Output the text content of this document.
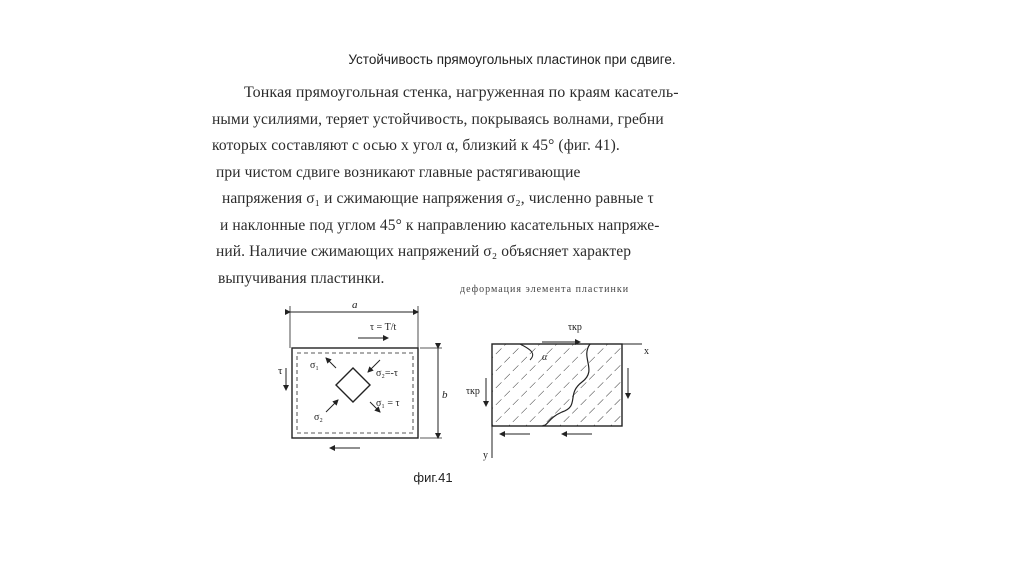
Устойчивость прямоугольных пластинок при сдвиге.

Тонкая прямоугольная стенка, нагруженная по краям касатель-

ными усилиями, теряет устойчивость, покрываясь волнами, гребни

которых составляют с осью x угол α, близкий к 45° (фиг. 41).

при чистом сдвиге возникают главные растягивающие

напряжения σ₁ и сжимающие напряжения σ₂, численно равные τ

и наклонные под углом 45° к направлению касательных напряже-

ний. Наличие сжимающих напряжений σ₂ объясняет характер

выпучивания пластинки.

деформация элемента пластинки
a
τ = T/t
b
τ	σ₁
σ₂=-τ
σ₁ = τ
σ₂
τкр
α
x
y
τкр
фиг.41
